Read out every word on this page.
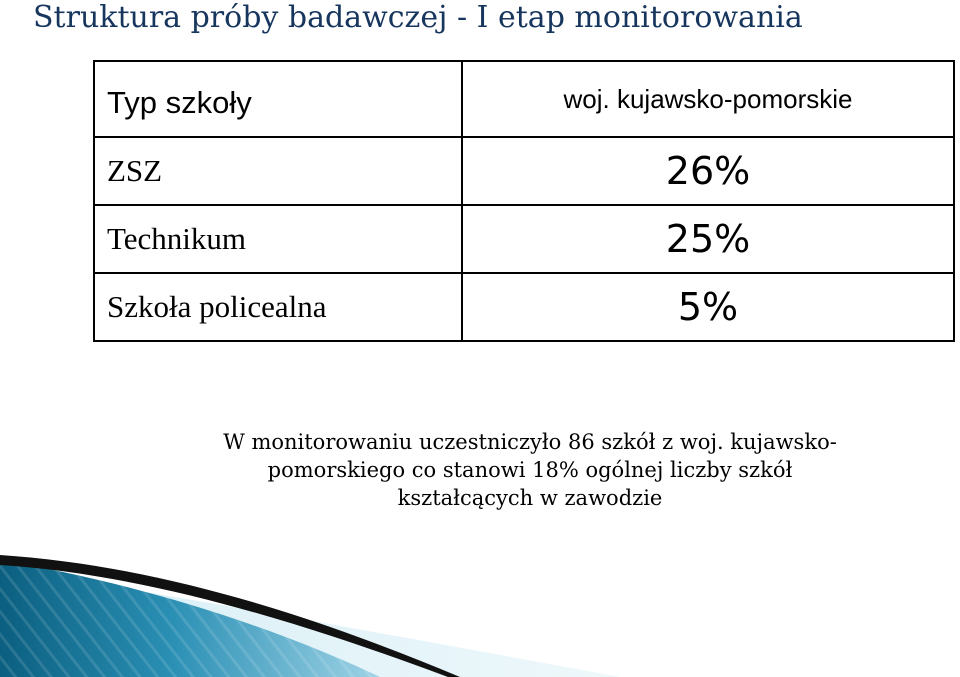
Struktura próby badawczej - I etap monitorowania
Typ szkoły	woj. kujawsko-pomorskie
ZSZ	26%
Technikum	25%
Szkoła policealna	5%
W monitorowaniu uczestniczyło 86 szkół z woj. kujawsko-
pomorskiego co stanowi 18% ogólnej liczby szkół
kształcących w zawodzie
